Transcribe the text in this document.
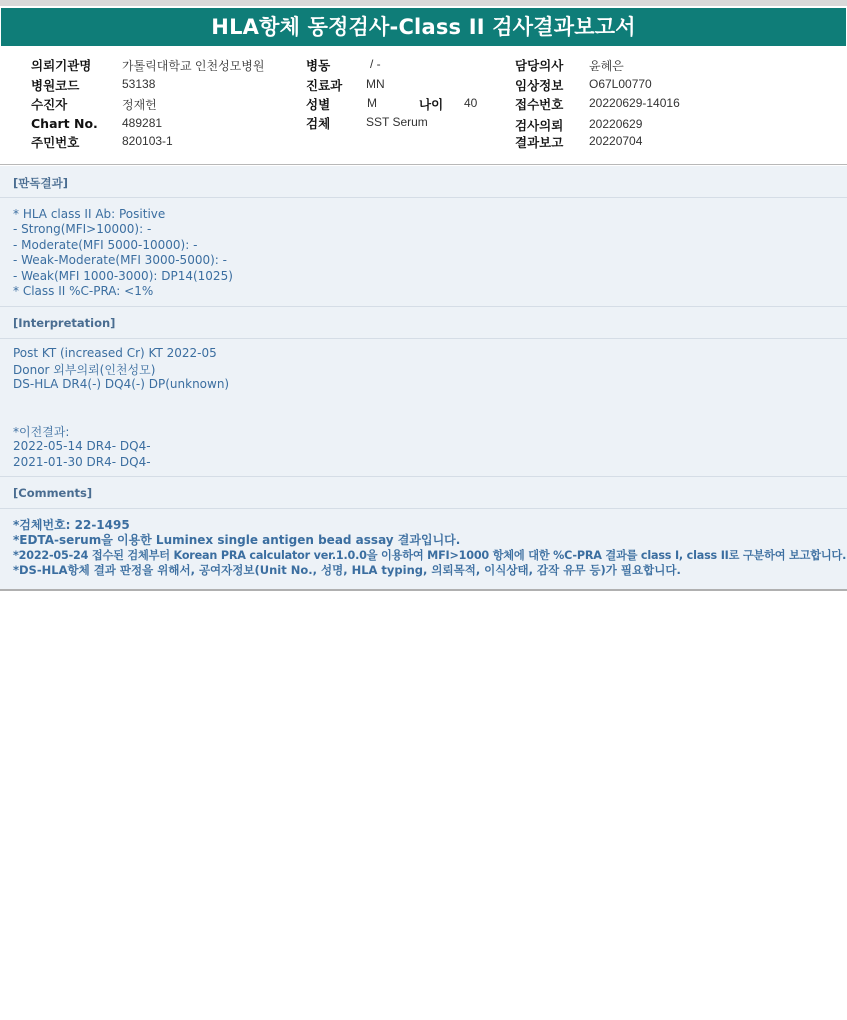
HLA항체 동정검사-Class II 검사결과보고서
의뢰기관명	가톨릭대학교 인천성모병원
병원코드	53138
수진자	정재헌
Chart No. 489281
주민번호	820103-1
병동	/ -
진료과 MN
성별	M	나이 40
검체	SST Serum
담당의사 윤혜은
임상정보 O67L00770
접수번호 20220629-14016
검사의뢰 20220629
결과보고 20220704
[판독결과]
* HLA class II Ab: Positive
- Strong(MFI>10000): -
- Moderate(MFI 5000-10000): -
- Weak-Moderate(MFI 3000-5000): -
- Weak(MFI 1000-3000): DP14(1025)
* Class II %C-PRA: <1%
[Interpretation]
Post KT (increased Cr) KT 2022-05
Donor 외부의뢰(인천성모)
DS-HLA DR4(-) DQ4(-) DP(unknown)
*이전결과:
2022-05-14 DR4- DQ4-
2021-01-30 DR4- DQ4-
[Comments]
*검체번호: 22-1495
*EDTA-serum을 이용한 Luminex single antigen bead assay 결과입니다.
*2022-05-24 접수된 검체부터 Korean PRA calculator ver.1.0.0을 이용하여 MFI>1000 항체에 대한 %C-PRA 결과를 class I, class II로 구분하여 보고합니다.
*DS-HLA항체 결과 판정을 위해서, 공여자정보(Unit No., 성명, HLA typing, 의뢰목적, 이식상태, 감작 유무 등)가 필요합니다.
